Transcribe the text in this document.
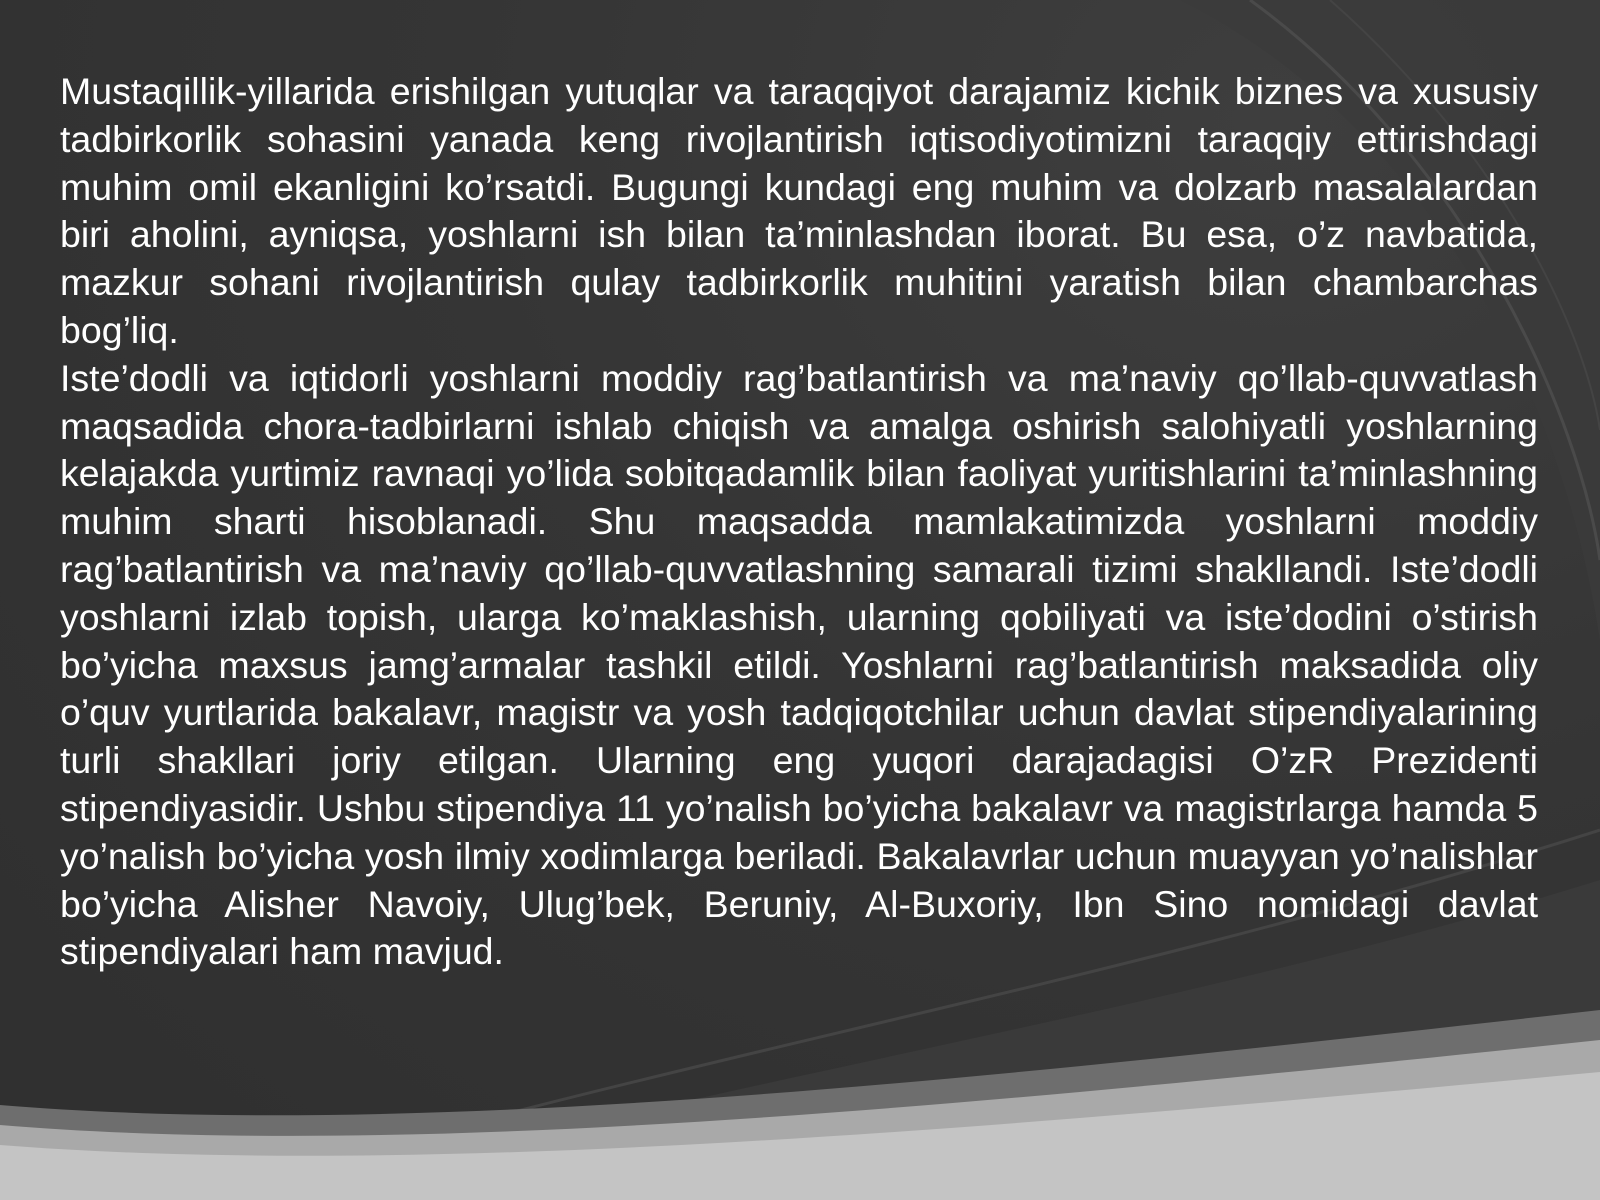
Mustaqillik-yillarida erishilgan yutuqlar va taraqqiyot darajamiz kichik biznes va xususiy tadbirkorlik sohasini yanada keng rivojlantirish iqtisodiyotimizni taraqqiy ettirishdagi muhim omil ekanligini ko’rsatdi. Bugungi kundagi eng muhim va dolzarb masalalardan biri aholini, ayniqsa, yoshlarni ish bilan ta’minlashdan iborat. Bu esa, o’z navbatida, mazkur sohani rivojlantirish qulay tadbirkorlik muhitini yaratish bilan chambarchas bog’liq.

Iste’dodli va iqtidorli yoshlarni moddiy rag’batlantirish va ma’naviy qo’llab-quvvatlash maqsadida chora-tadbirlarni ishlab chiqish va amalga oshirish salohiyatli yoshlarning kelajakda yurtimiz ravnaqi yo’lida sobitqadamlik bilan faoliyat yuritishlarini ta’minlashning muhim sharti hisoblanadi. Shu maqsadda mamlakatimizda yoshlarni moddiy rag’batlantirish va ma’naviy qo’llab-quvvatlashning samarali tizimi shakllandi. Iste’dodli yoshlarni izlab topish, ularga ko’maklashish, ularning qobiliyati va iste’dodini o’stirish bo’yicha maxsus jamg’armalar tashkil etildi. Yoshlarni rag’batlantirish maksadida oliy o’quv yurtlarida bakalavr, magistr va yosh tadqiqotchilar uchun davlat stipendiyalarining turli shakllari joriy etilgan. Ularning eng yuqori darajadagisi O’zR Prezidenti stipendiyasidir. Ushbu stipendiya 11 yo’nalish bo’yicha bakalavr va magistrlarga hamda 5 yo’nalish bo’yicha yosh ilmiy xodimlarga beriladi. Bakalavrlar uchun muayyan yo’nalishlar bo’yicha Alisher Navoiy, Ulug’bek, Beruniy, Al-Buxoriy, Ibn Sino nomidagi davlat stipendiyalari ham mavjud.
